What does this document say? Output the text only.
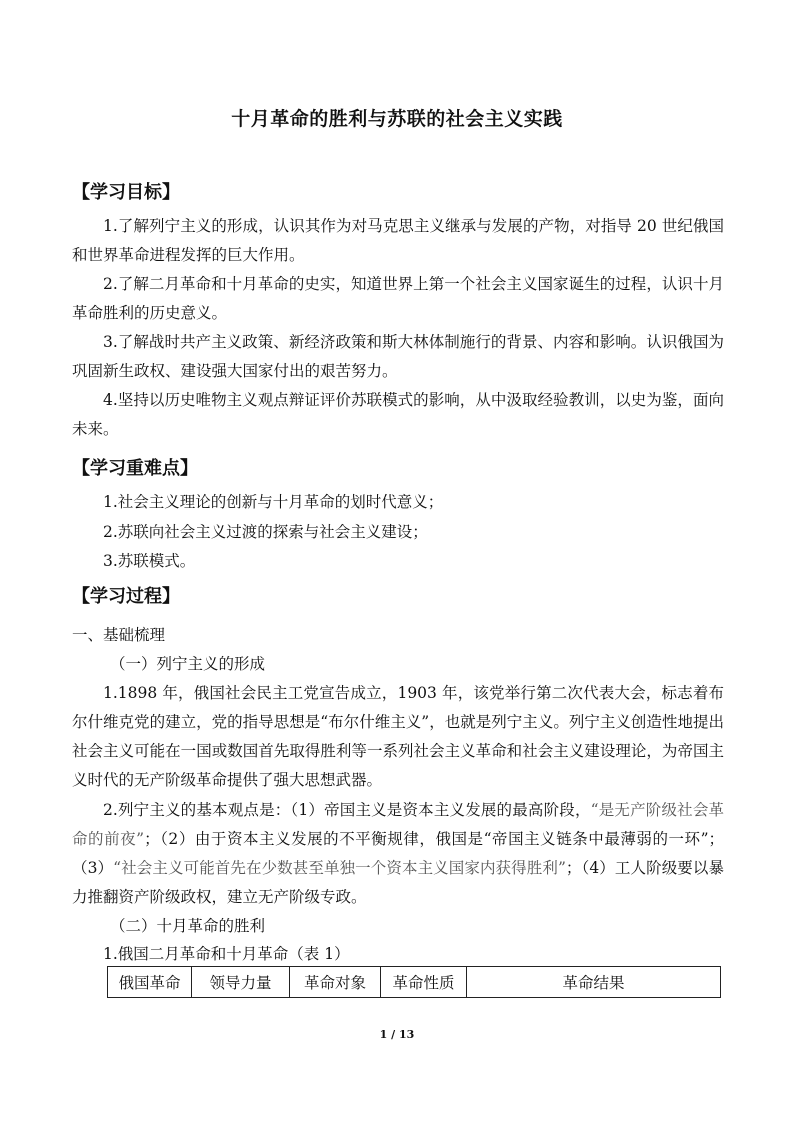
十月革命的胜利与苏联的社会主义实践
【学习目标】
1.了解列宁主义的形成，认识其作为对马克思主义继承与发展的产物，对指导 20 世纪俄国和世界革命进程发挥的巨大作用。
2.了解二月革命和十月革命的史实，知道世界上第一个社会主义国家诞生的过程，认识十月革命胜利的历史意义。
3.了解战时共产主义政策、新经济政策和斯大林体制施行的背景、内容和影响。认识俄国为巩固新生政权、建设强大国家付出的艰苦努力。
4.坚持以历史唯物主义观点辩证评价苏联模式的影响，从中汲取经验教训，以史为鉴，面向未来。
【学习重难点】
1.社会主义理论的创新与十月革命的划时代意义；
2.苏联向社会主义过渡的探索与社会主义建设；
3.苏联模式。
【学习过程】
一、基础梳理
（一）列宁主义的形成
1.1898 年，俄国社会民主工党宣告成立，1903 年，该党举行第二次代表大会，标志着布尔什维克党的建立，党的指导思想是“布尔什维主义”，也就是列宁主义。列宁主义创造性地提出社会主义可能在一国或数国首先取得胜利等一系列社会主义革命和社会主义建设理论，为帝国主义时代的无产阶级革命提供了强大思想武器。
2.列宁主义的基本观点是：（1）帝国主义是资本主义发展的最高阶段，“是无产阶级社会革命的前夜”；（2）由于资本主义发展的不平衡规律，俄国是“帝国主义链条中最薄弱的一环”；（3）“社会主义可能首先在少数甚至单独一个资本主义国家内获得胜利”；（4）工人阶级要以暴力推翻资产阶级政权，建立无产阶级专政。
（二）十月革命的胜利
1.俄国二月革命和十月革命（表 1）
俄国革命	领导力量	革命对象	革命性质	革命结果
1 / 13
